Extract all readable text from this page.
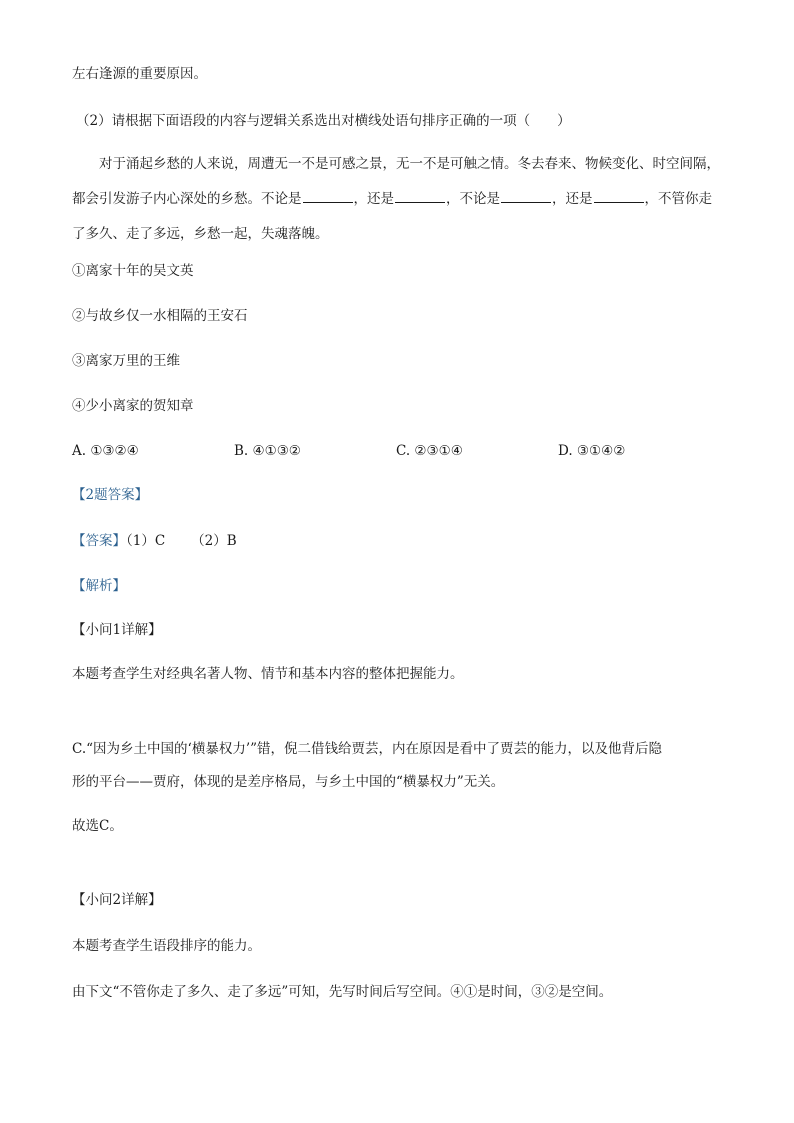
左右逢源的重要原因。
（2）请根据下面语段的内容与逻辑关系选出对横线处语句排序正确的一项（　　）
对于涌起乡愁的人来说，周遭无一不是可感之景，无一不是可触之情。冬去春来、物候变化、时空间隔，都会引发游子内心深处的乡愁。不论是	，还是	，不论是	，还是	，不管你走了多久、走了多远，乡愁一起，失魂落魄。
①离家十年的吴文英
②与故乡仅一水相隔的王安石
③离家万里的王维
④少小离家的贺知章
A. ①③②④	B. ④①③②	C. ②③①④	D. ③①④②
【2题答案】
【答案】（1）C （2）B
【解析】
【小问1详解】
本题考查学生对经典名著人物、情节和基本内容的整体把握能力。
C.“因为乡土中国的‘横暴权力’”错，倪二借钱给贾芸，内在原因是看中了贾芸的能力，以及他背后隐
形的平台——贾府，体现的是差序格局，与乡土中国的“横暴权力”无关。
故选C。
【小问2详解】
本题考查学生语段排序的能力。
由下文“不管你走了多久、走了多远”可知，先写时间后写空间。④①是时间，③②是空间。
